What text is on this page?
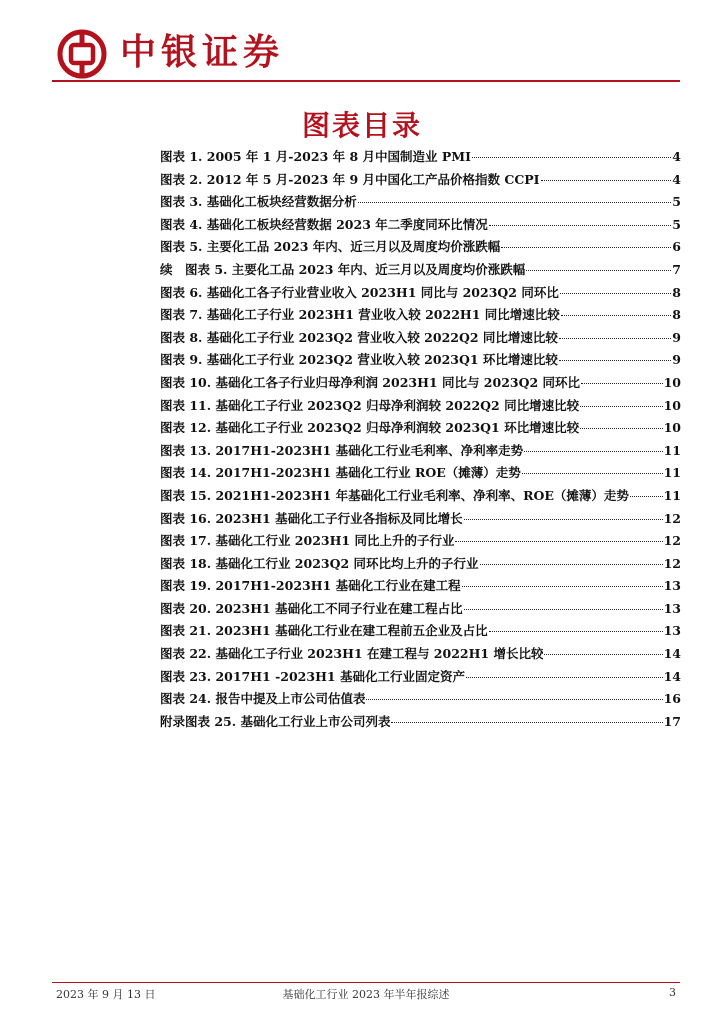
中银证券
图表目录
图表 1. 2005 年 1 月-2023 年 8 月中国制造业 PMI	4
图表 2. 2012 年 5 月-2023 年 9 月中国化工产品价格指数 CCPI	4
图表 3. 基础化工板块经营数据分析	5
图表 4. 基础化工板块经营数据 2023 年二季度同环比情况	5
图表 5. 主要化工品 2023 年内、近三月以及周度均价涨跌幅	6
续　图表 5. 主要化工品 2023 年内、近三月以及周度均价涨跌幅	7
图表 6. 基础化工各子行业营业收入 2023H1 同比与 2023Q2 同环比	8
图表 7. 基础化工子行业 2023H1 营业收入较 2022H1 同比增速比较	8
图表 8. 基础化工子行业 2023Q2 营业收入较 2022Q2 同比增速比较	9
图表 9. 基础化工子行业 2023Q2 营业收入较 2023Q1 环比增速比较	9
图表 10. 基础化工各子行业归母净利润 2023H1 同比与 2023Q2 同环比	10
图表 11. 基础化工子行业 2023Q2 归母净利润较 2022Q2 同比增速比较	10
图表 12. 基础化工子行业 2023Q2 归母净利润较 2023Q1 环比增速比较	10
图表 13. 2017H1-2023H1 基础化工行业毛利率、净利率走势	11
图表 14. 2017H1-2023H1 基础化工行业 ROE（摊薄）走势	11
图表 15. 2021H1-2023H1 年基础化工行业毛利率、净利率、ROE（摊薄）走势	11
图表 16. 2023H1 基础化工子行业各指标及同比增长	12
图表 17. 基础化工行业 2023H1 同比上升的子行业	12
图表 18. 基础化工行业 2023Q2 同环比均上升的子行业	12
图表 19. 2017H1-2023H1 基础化工行业在建工程	13
图表 20. 2023H1 基础化工不同子行业在建工程占比	13
图表 21. 2023H1 基础化工行业在建工程前五企业及占比	13
图表 22. 基础化工子行业 2023H1 在建工程与 2022H1 增长比较	14
图表 23. 2017H1 -2023H1 基础化工行业固定资产	14
图表 24. 报告中提及上市公司估值表	16
附录图表 25. 基础化工行业上市公司列表	17
2023 年 9 月 13 日	基础化工行业 2023 年半年报综述	3
